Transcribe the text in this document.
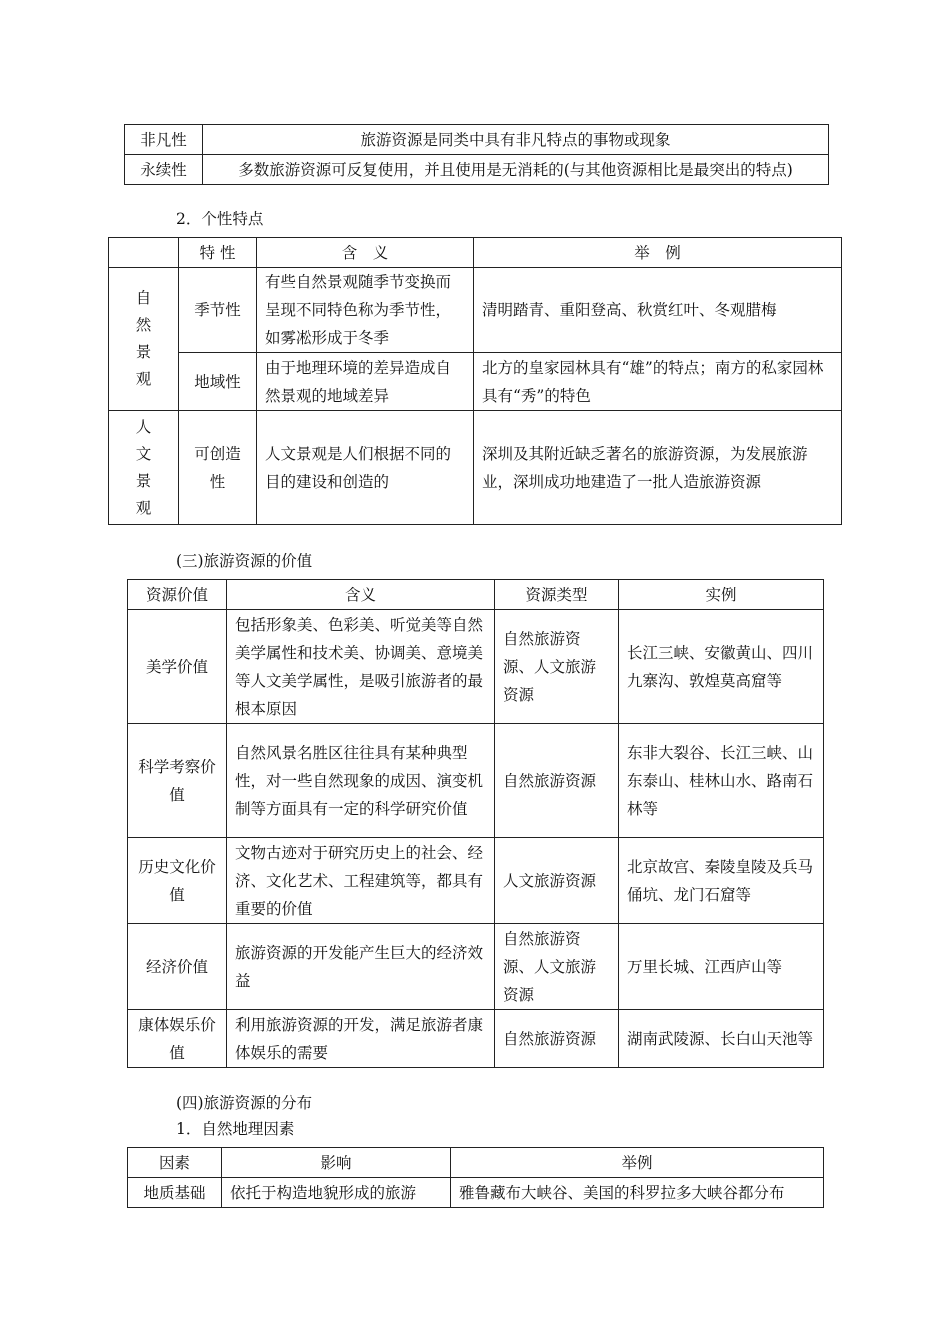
非凡性	旅游资源是同类中具有非凡特点的事物或现象
永续性	多数旅游资源可反复使用，并且使用是无消耗的(与其他资源相比是最突出的特点)

2．个性特点

	特 性	含　义	举　例

自
然
景
观	季节性	有些自然景观随季节变换而呈现不同特色称为季节性，如雾凇形成于冬季	清明踏青、重阳登高、秋赏红叶、冬观腊梅
	地域性	由于地理环境的差异造成自然景观的地域差异	北方的皇家园林具有“雄”的特点；南方的私家园林具有“秀”的特色

人
文
景
观	可创造性	人文景观是人们根据不同的目的建设和创造的	深圳及其附近缺乏著名的旅游资源，为发展旅游业，深圳成功地建造了一批人造旅游资源

(三)旅游资源的价值

资源价值	含义	资源类型	实例
美学价值	包括形象美、色彩美、听觉美等自然美学属性和技术美、协调美、意境美等人文美学属性，是吸引旅游者的最根本原因	自然旅游资源、人文旅游资源	长江三峡、安徽黄山、四川九寨沟、敦煌莫高窟等
科学考察价值	自然风景名胜区往往具有某种典型性，对一些自然现象的成因、演变机制等方面具有一定的科学研究价值	自然旅游资源	东非大裂谷、长江三峡、山东泰山、桂林山水、路南石林等
历史文化价值	文物古迹对于研究历史上的社会、经济、文化艺术、工程建筑等，都具有重要的价值	人文旅游资源	北京故宫、秦陵皇陵及兵马俑坑、龙门石窟等
经济价值	旅游资源的开发能产生巨大的经济效益	自然旅游资源、人文旅游资源	万里长城、江西庐山等
康体娱乐价值	利用旅游资源的开发，满足旅游者康体娱乐的需要	自然旅游资源	湖南武陵源、长白山天池等

(四)旅游资源的分布

1．自然地理因素

因素	影响	举例
地质基础	依托于构造地貌形成的旅游	雅鲁藏布大峡谷、美国的科罗拉多大峡谷都分布
